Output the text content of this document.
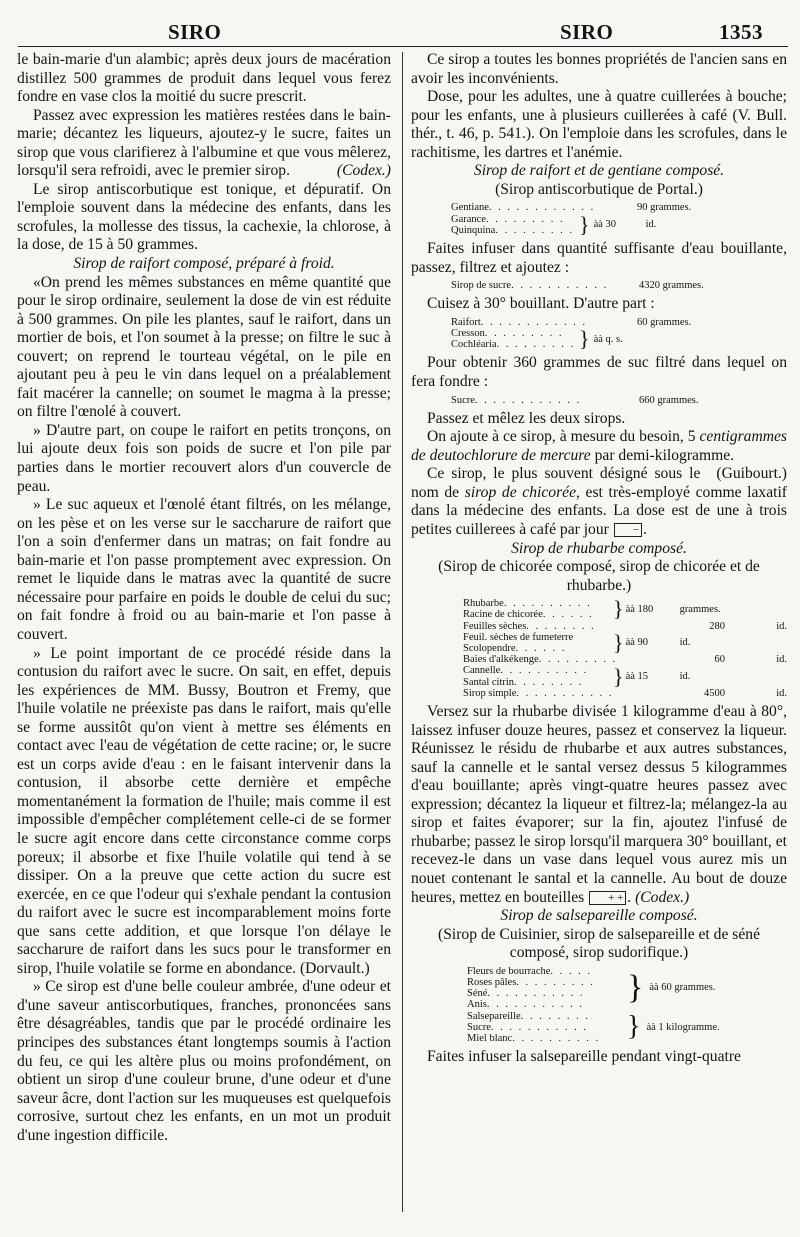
SIRO	SIRO	1353

le bain-marie d'un alambic; après deux jours de macération distillez 500 grammes de produit dans lequel vous ferez fondre en vase clos la moitié du sucre prescrit.

Passez avec expression les matières restées dans le bain-marie; décantez les liqueurs, ajoutez-y le sucre, faites un sirop que vous clarifierez à l'albumine et que vous mêlerez, lorsqu'il sera refroidi, avec le premier sirop.	(Codex.)

Le sirop antiscorbutique est tonique, et dépuratif. On l'emploie souvent dans la médecine des enfants, dans les scrofules, la mollesse des tissus, la cachexie, la chlorose, à la dose, de 15 à 50 grammes.

Sirop de raifort composé, préparé à froid.

«On prend les mêmes substances en même quantité que pour le sirop ordinaire, seulement la dose de vin est réduite à 500 grammes. On pile les plantes, sauf le raifort, dans un mortier de bois, et l'on soumet à la presse; on filtre le suc à couvert; on reprend le tourteau végétal, on le pile en ajoutant peu à peu le vin dans lequel on a préalablement fait macérer la cannelle; on soumet le magma à la presse; on filtre l'œnolé à couvert.

» D'autre part, on coupe le raifort en petits tronçons, on lui ajoute deux fois son poids de sucre et l'on pile par parties dans le mortier recouvert alors d'un couvercle de peau.

» Le suc aqueux et l'œnolé étant filtrés, on les mélange, on les pèse et on les verse sur le saccharure de raifort que l'on a soin d'enfermer dans un matras; on fait fondre au bain-marie et l'on passe promptement avec expression. On remet le liquide dans le matras avec la quantité de sucre nécessaire pour parfaire en poids le double de celui du suc; on fait fondre à froid ou au bain-marie et l'on passe à couvert.

» Le point important de ce procédé réside dans la contusion du raifort avec le sucre. On sait, en effet, depuis les expériences de MM. Bussy, Boutron et Fremy, que l'huile volatile ne préexiste pas dans le raifort, mais qu'elle se forme aussitôt qu'on vient à mettre ses éléments en contact avec l'eau de végétation de cette racine; or, le sucre est un corps avide d'eau : en le faisant intervenir dans la contusion, il absorbe cette dernière et empêche momentanément la formation de l'huile; mais comme il est impossible d'empêcher complétement celle-ci de se former le sucre agit encore dans cette circonstance comme corps poreux; il absorbe et fixe l'huile volatile qui tend à se dissiper. On a la preuve que cette action du sucre est exercée, en ce que l'odeur qui s'exhale pendant la contusion du raifort avec le sucre est incomparablement moins forte que sans cette addition, et que lorsque l'on délaye le saccharure de raifort dans les sucs pour le transformer en sirop, l'huile volatile se forme en abondance. (Dorvault.)

» Ce sirop est d'une belle couleur ambrée, d'une odeur et d'une saveur antiscorbutiques, franches, prononcées sans être désagréables, tandis que par le procédé ordinaire les principes des substances étant longtemps soumis à l'action du feu, ce qui les altère plus ou moins profondément, on obtient un sirop d'une couleur brune, d'une odeur et d'une saveur âcre, dont l'action sur les muqueuses est quelquefois corrosive, surtout chez les enfants, en un mot un produit d'une ingestion difficile.

Ce sirop a toutes les bonnes propriétés de l'ancien sans en avoir les inconvénients.

Dose, pour les adultes, une à quatre cuillerées à bouche; pour les enfants, une à plusieurs cuillerées à café (V. Bull. thér., t. 46, p. 541.). On l'emploie dans les scrofules, dans le rachitisme, les dartres et l'anémie.

Sirop de raifort et de gentiane composé.

(Sirop antiscorbutique de Portal.)

Gentiane . . . . . . . . . . . .	90 grammes.
Garance . . . . . . . . .
Quinquina . . . . . . . . . } àà 30	id.

Faites infuser dans quantité suffisante d'eau bouillante, passez, filtrez et ajoutez :

Sirop de sucre . . . . . . . . . . .	4320 grammes.

Cuisez à 30° bouillant. D'autre part :

Raifort . . . . . . . . . . . .	60 grammes.
Cresson . . . . . . . . .
Cochléaria . . . . . . . . . } àà q. s.

Pour obtenir 360 grammes de suc filtré dans lequel on fera fondre :

Sucre . . . . . . . . . . . .	660 grammes.

Passez et mêlez les deux sirops.

On ajoute à ce sirop, à mesure du besoin, 5 centigrammes de deutochlorure de mercure par demi-kilogramme.
(Guibourt.)

Ce sirop, le plus souvent désigné sous le nom de sirop de chicorée, est très-employé comme laxatif dans la médecine des enfants. La dose est de une à trois petites cuillerees à café par jour − .

Sirop de rhubarbe composé.

(Sirop de chicorée composé, sirop de chicorée et de rhubarbe.)

Rhubarbe . . . . . . . . . .
Racine de chicorée . . . . . . } àà 180	grammes.
Feuilles sèches . . . . . . . .	280	id.
Feuil. sèches de fumeterre
Scolopendre . . . . . .	} àà 90	id.
Baies d'alkékenge . . . . . . . . .	60	id.
Cannelle . . . . . . . . . .
Santal citrin . . . . . . . .	} àà 15	id.
Sirop simple . . . . . . . . . . .	4500	id.

Versez sur la rhubarbe divisée 1 kilogramme d'eau à 80°, laissez infuser douze heures, passez et conservez la liqueur. Réunissez le résidu de rhubarbe et aux autres substances, sauf la cannelle et le santal versez dessus 5 kilogrammes d'eau bouillante; après vingt-quatre heures passez avec expression; décantez la liqueur et filtrez-la; mélangez-la au sirop et faites évaporer; sur la fin, ajoutez l'infusé de rhubarbe; passez le sirop lorsqu'il marquera 30° bouillant, et recevez-le dans un vase dans lequel vous aurez mis un nouet contenant le santal et la cannelle. Au bout de douze heures, mettez en bouteilles + + . (Codex.)

Sirop de salsepareille composé.

(Sirop de Cuisinier, sirop de salsepareille et de séné composé, sirop sudorifique.)

Fleurs de bourrache . . . . .
Roses pâles . . . . . . . . .
Séné . . . . . . . . . . .
Anis . . . . . . . . . . .	} àà 60 grammes.
Salsepareille . . . . . . . .
Sucre . . . . . . . . . . .
Miel blanc . . . . . . . . . . } àà 1 kilogramme.

Faites infuser la salsepareille pendant vingt-quatre
